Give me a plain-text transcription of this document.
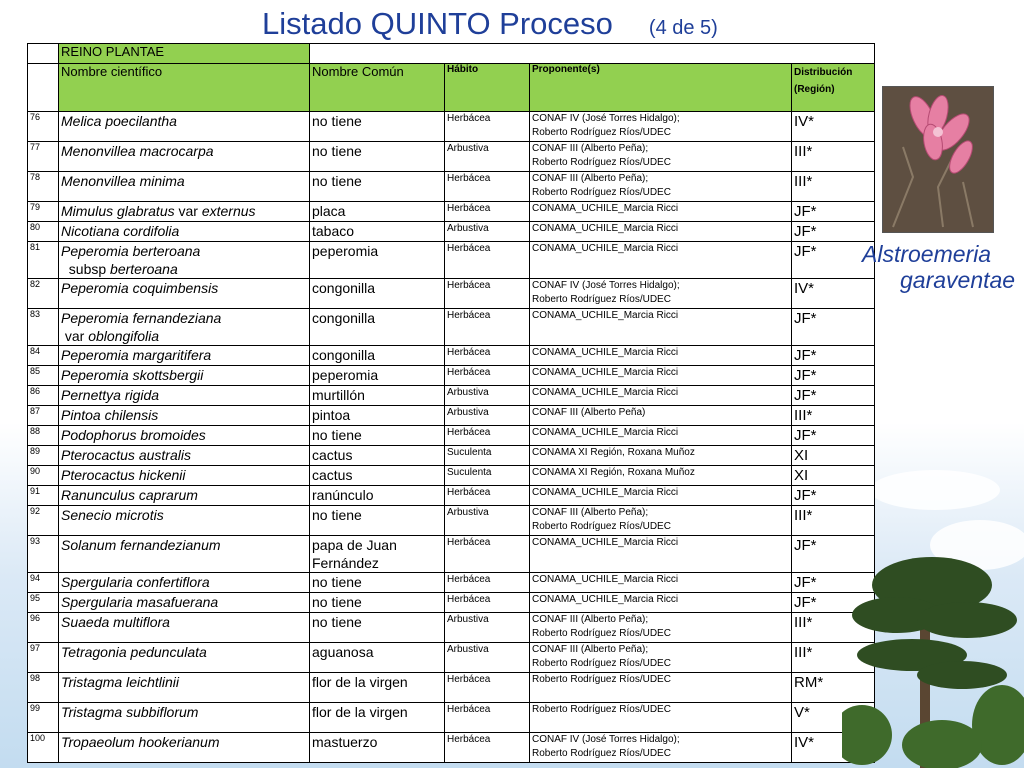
Listado QUINTO Proceso (4 de 5)
	REINO PLANTAE				
	Nombre científico	Nombre Común	Hábito	Proponente(s)	Distribución (Región)
76	Melica poecilantha	no tiene	Herbácea	CONAF IV (José Torres Hidalgo);
Roberto Rodríguez Ríos/UDEC	IV*
77	Menonvillea macrocarpa	no tiene	Arbustiva	CONAF III (Alberto Peña);
Roberto Rodríguez Ríos/UDEC	III*
78	Menonvillea minima	no tiene	Herbácea	CONAF III (Alberto Peña);
Roberto Rodríguez Ríos/UDEC	III*
79	Mimulus glabratus var externus	placa	Herbácea	CONAMA_UCHILE_Marcia Ricci	JF*
80	Nicotiana cordifolia	tabaco	Arbustiva	CONAMA_UCHILE_Marcia Ricci	JF*
81	Peperomia berteroana  subsp berteroana	peperomia	Herbácea	CONAMA_UCHILE_Marcia Ricci	JF*
82	Peperomia coquimbensis	congonilla	Herbácea	CONAF IV (José Torres Hidalgo);
Roberto Rodríguez Ríos/UDEC	IV*
83	Peperomia fernandeziana var oblongifolia	congonilla	Herbácea	CONAMA_UCHILE_Marcia Ricci	JF*
84	Peperomia margaritifera	congonilla	Herbácea	CONAMA_UCHILE_Marcia Ricci	JF*
85	Peperomia skottsbergii	peperomia	Herbácea	CONAMA_UCHILE_Marcia Ricci	JF*
86	Pernettya rigida	murtillón	Arbustiva	CONAMA_UCHILE_Marcia Ricci	JF*
87	Pintoa chilensis	pintoa	Arbustiva	CONAF III (Alberto Peña)	III*
88	Podophorus bromoides	no tiene	Herbácea	CONAMA_UCHILE_Marcia Ricci	JF*
89	Pterocactus australis	cactus	Suculenta	CONAMA XI Región, Roxana Muñoz	XI
90	Pterocactus hickenii	cactus	Suculenta	CONAMA XI Región, Roxana Muñoz	XI
91	Ranunculus caprarum	ranúnculo	Herbácea	CONAMA_UCHILE_Marcia Ricci	JF*
92	Senecio microtis	no tiene	Arbustiva	CONAF III (Alberto Peña);
Roberto Rodríguez Ríos/UDEC	III*
93	Solanum fernandezianum	papa de Juan Fernández	Herbácea	CONAMA_UCHILE_Marcia Ricci	JF*
94	Spergularia confertiflora	no tiene	Herbácea	CONAMA_UCHILE_Marcia Ricci	JF*
95	Spergularia masafuerana	no tiene	Herbácea	CONAMA_UCHILE_Marcia Ricci	JF*
96	Suaeda multiflora	no tiene	Arbustiva	CONAF III (Alberto Peña);
Roberto Rodríguez Ríos/UDEC	III*
97	Tetragonia pedunculata	aguanosa	Arbustiva	CONAF III (Alberto Peña);
Roberto Rodríguez Ríos/UDEC	III*
98	Tristagma leichtlinii	flor de la virgen	Herbácea	Roberto Rodríguez Ríos/UDEC	RM*
99	Tristagma subbiflorum	flor de la virgen	Herbácea	Roberto Rodríguez Ríos/UDEC	V*
100	Tropaeolum hookerianum	mastuerzo	Herbácea	CONAF IV (José Torres Hidalgo);
Roberto Rodríguez Ríos/UDEC	IV*
Alstroemeria
garaventae
